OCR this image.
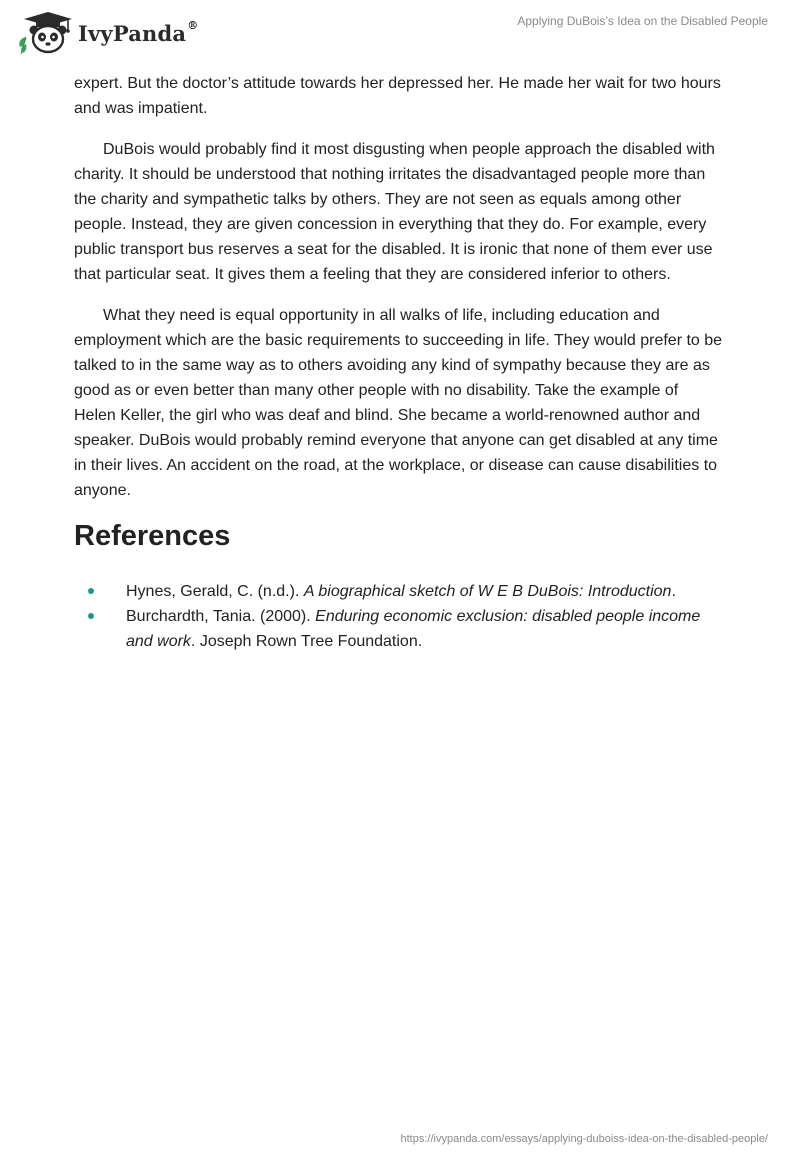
IvyPanda®	Applying DuBois’s Idea on the Disabled People

expert. But the doctor’s attitude towards her depressed her. He made her wait for two hours and was impatient.

DuBois would probably find it most disgusting when people approach the disabled with charity. It should be understood that nothing irritates the disadvantaged people more than the charity and sympathetic talks by others. They are not seen as equals among other people. Instead, they are given concession in everything that they do. For example, every public transport bus reserves a seat for the disabled. It is ironic that none of them ever use that particular seat. It gives them a feeling that they are considered inferior to others.

What they need is equal opportunity in all walks of life, including education and employment which are the basic requirements to succeeding in life. They would prefer to be talked to in the same way as to others avoiding any kind of sympathy because they are as good as or even better than many other people with no disability. Take the example of Helen Keller, the girl who was deaf and blind. She became a world-renowned author and speaker. DuBois would probably remind everyone that anyone can get disabled at any time in their lives. An accident on the road, at the workplace, or disease can cause disabilities to anyone.

References
Hynes, Gerald, C. (n.d.). A biographical sketch of W E B DuBois: Introduction.
Burchardth, Tania. (2000). Enduring economic exclusion: disabled people income and work. Joseph Rown Tree Foundation.
https://ivypanda.com/essays/applying-duboiss-idea-on-the-disabled-people/
